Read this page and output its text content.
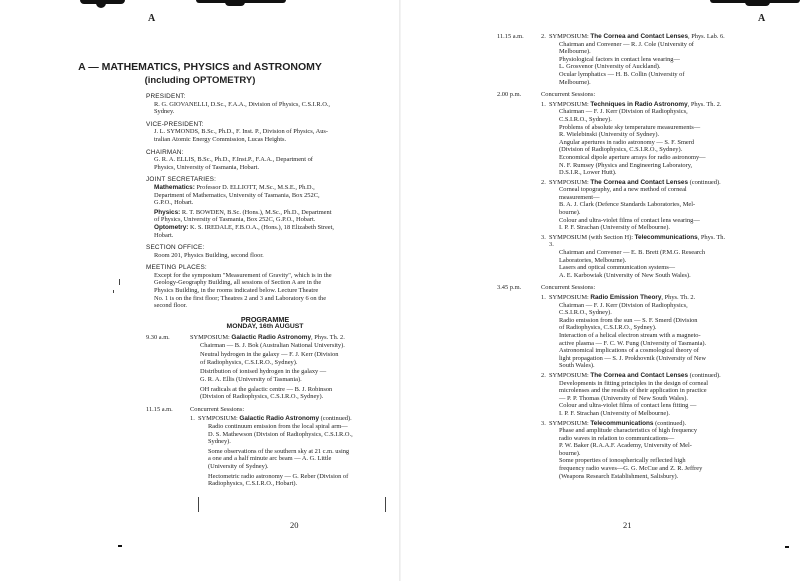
A
A — MATHEMATICS, PHYSICS and ASTRONOMY
(including OPTOMETRY)
PRESIDENT:
R. G. GIOVANELLI, D.Sc., F.A.A., Division of Physics, C.S.I.R.O.,
Sydney.
VICE-PRESIDENT:
J. L. SYMONDS, B.Sc., Ph.D., F. Inst. P., Division of Physics, Aus-
tralian Atomic Energy Commission, Lucas Heights.
CHAIRMAN:
G. R. A. ELLIS, B.Sc., Ph.D., F.Inst.P., F.A.A., Department of
Physics, University of Tasmania, Hobart.
JOINT SECRETARIES:
Mathematics: Professor D. ELLIOTT, M.Sc., M.S.E., Ph.D.,
Department of Mathematics, University of Tasmania, Box 252C,
G.P.O., Hobart.
Physics: R. T. BOWDEN, B.Sc. (Hons.), M.Sc., Ph.D., Department
of Physics, University of Tasmania, Box 252C, G.P.O., Hobart.
Optometry: K. S. IREDALE, F.B.O.A., (Hons.), 18 Elizabeth Street,
Hobart.
SECTION OFFICE:
Room 201, Physics Building, second floor.
MEETING PLACES:
Except for the symposium "Measurement of Gravity", which is in the
Geology-Geography Building, all sessions of Section A are in the
Physics Building, in the rooms indicated below. Lecture Theatre
No. 1 is on the first floor; Theatres 2 and 3 and Laboratory 6 on the
second floor.
PROGRAMME
MONDAY, 16th AUGUST
9.30 a.m.	SYMPOSIUM: Galactic Radio Astronomy, Phys. Th. 2.
Chairman — B. J. Bok (Australian National University).
Neutral hydrogen in the galaxy — F. J. Kerr (Division
of Radiophysics, C.S.I.R.O., Sydney).
Distribution of ionised hydrogen in the galaxy —
G. R. A. Ellis (University of Tasmania).
OH radicals at the galactic centre — B. J. Robinson
(Division of Radiophysics, C.S.I.R.O., Sydney).
11.15 a.m.	Concurrent Sessions:
1. SYMPOSIUM: Galactic Radio Astronomy (continued).
Radio continuum emission from the local spiral arm—
D. S. Mathewson (Division of Radiophysics, C.S.I.R.O.,
Sydney).
Some observations of the southern sky at 21 c.m. using
a one and a half minute arc beam — A. G. Little
(University of Sydney).
Hectometric radio astronomy — G. Reber (Division of
Radiophysics, C.S.I.R.O., Hobart).
20
A
11.15 a.m.	2. SYMPOSIUM: The Cornea and Contact Lenses, Phys. Lab. 6.
Chairman and Convener — R. J. Cole (University of
Melbourne).
Physiological factors in contact lens wearing—
L. Grosvenor (University of Auckland).
Ocular lymphatics — H. B. Collin (University of
Melbourne).
2.00 p.m.	Concurrent Sessions:
1. SYMPOSIUM: Techniques in Radio Astronomy, Phys. Th. 2.
Chairman — F. J. Kerr (Division of Radiophysics,
C.S.I.R.O., Sydney).
Problems of absolute sky temperature measurements—
R. Wielebinski (University of Sydney).
Angular apertures in radio astronomy — S. F. Smerd
(Division of Radiophysics, C.S.I.R.O., Sydney).
Economical dipole aperture arrays for radio astronomy—
N. F. Rumsey (Physics and Engineering Laboratory,
D.S.I.R., Lower Hutt).
2. SYMPOSIUM: The Cornea and Contact Lenses (continued).
Corneal topography, and a new method of corneal
measurement—
B. A. J. Clark (Defence Standards Laboratories, Mel-
bourne).
Colour and ultra-violet films of contact lens wearing—
I. P. F. Strachan (University of Melbourne).
3. SYMPOSIUM (with Section H): Telecommunications, Phys. Th. 3.
Chairman and Convener — E. B. Brett (P.M.G. Research
Laboratories, Melbourne).
Lasers and optical communication systems—
A. E. Karbowiak (University of New South Wales).
3.45 p.m.	Concurrent Sessions:
1. SYMPOSIUM: Radio Emission Theory, Phys. Th. 2.
Chairman — F. J. Kerr (Division of Radiophysics,
C.S.I.R.O., Sydney).
Radio emission from the sun — S. F. Smerd (Division
of Radiophysics, C.S.I.R.O., Sydney).
Interaction of a helical electron stream with a magneto-
active plasma — F. C. W. Fung (University of Tasmania).
Astronomical implications of a cosmological theory of
light propagation — S. J. Prokhovnik (University of New
South Wales).
2. SYMPOSIUM: The Cornea and Contact Lenses (continued).
Developments in fitting principles in the design of corneal
microlenses and the results of their application in practice
— P. P. Thomas (University of New South Wales).
Colour and ultra-violet films of contact lens fitting —
I. P. F. Strachan (University of Melbourne).
3. SYMPOSIUM: Telecommunications (continued).
Phase and amplitude characteristics of high frequency
radio waves in relation to communications—
P. W. Baker (R.A.A.F. Academy, University of Mel-
bourne).
Some properties of ionospherically reflected high
frequency radio waves—G. G. McCue and Z. R. Jeffrey
(Weapons Research Establishment, Salisbury).
21
